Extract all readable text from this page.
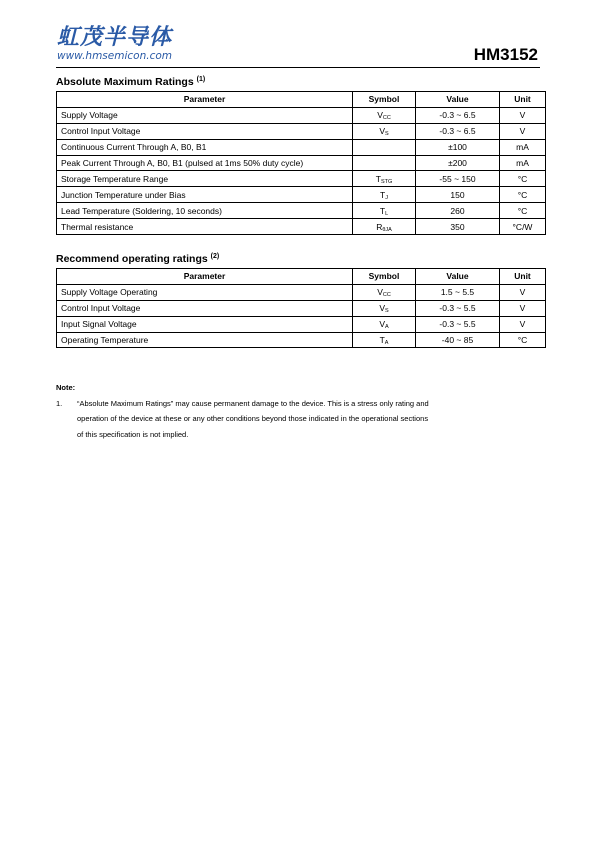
虹茂半导体
www.hmsemicon.com	HM3152
Absolute Maximum Ratings $^{(1)}$
Parameter	Symbol	Value	Unit
Supply Voltage	$V_{CC}$	-0.3 ~ 6.5	V
Control Input Voltage	$V_S$	-0.3 ~ 6.5	V
Continuous Current Through A, B0, B1		±100	mA
Peak Current Through A, B0, B1 (pulsed at 1ms 50% duty cycle)		±200	mA
Storage Temperature Range	$T_{STG}$	-55 ~ 150	°C
Junction Temperature under Bias	$T_J$	150	°C
Lead Temperature (Soldering, 10 seconds)	$T_L$	260	°C
Thermal resistance	$R_{\theta JA}$	350	°C/W
Recommend operating ratings $^{(2)}$
Parameter	Symbol	Value	Unit
Supply Voltage Operating	$V_{CC}$	1.5 ~ 5.5	V
Control Input Voltage	$V_S$	-0.3 ~ 5.5	V
Input Signal Voltage	$V_A$	-0.3 ~ 5.5	V
Operating Temperature	$T_A$	-40 ~ 85	°C
Note:
1. “Absolute Maximum Ratings” may cause permanent damage to the device. This is a stress only rating and
operation of the device at these or any other conditions beyond those indicated in the operational sections
of this specification is not implied.
